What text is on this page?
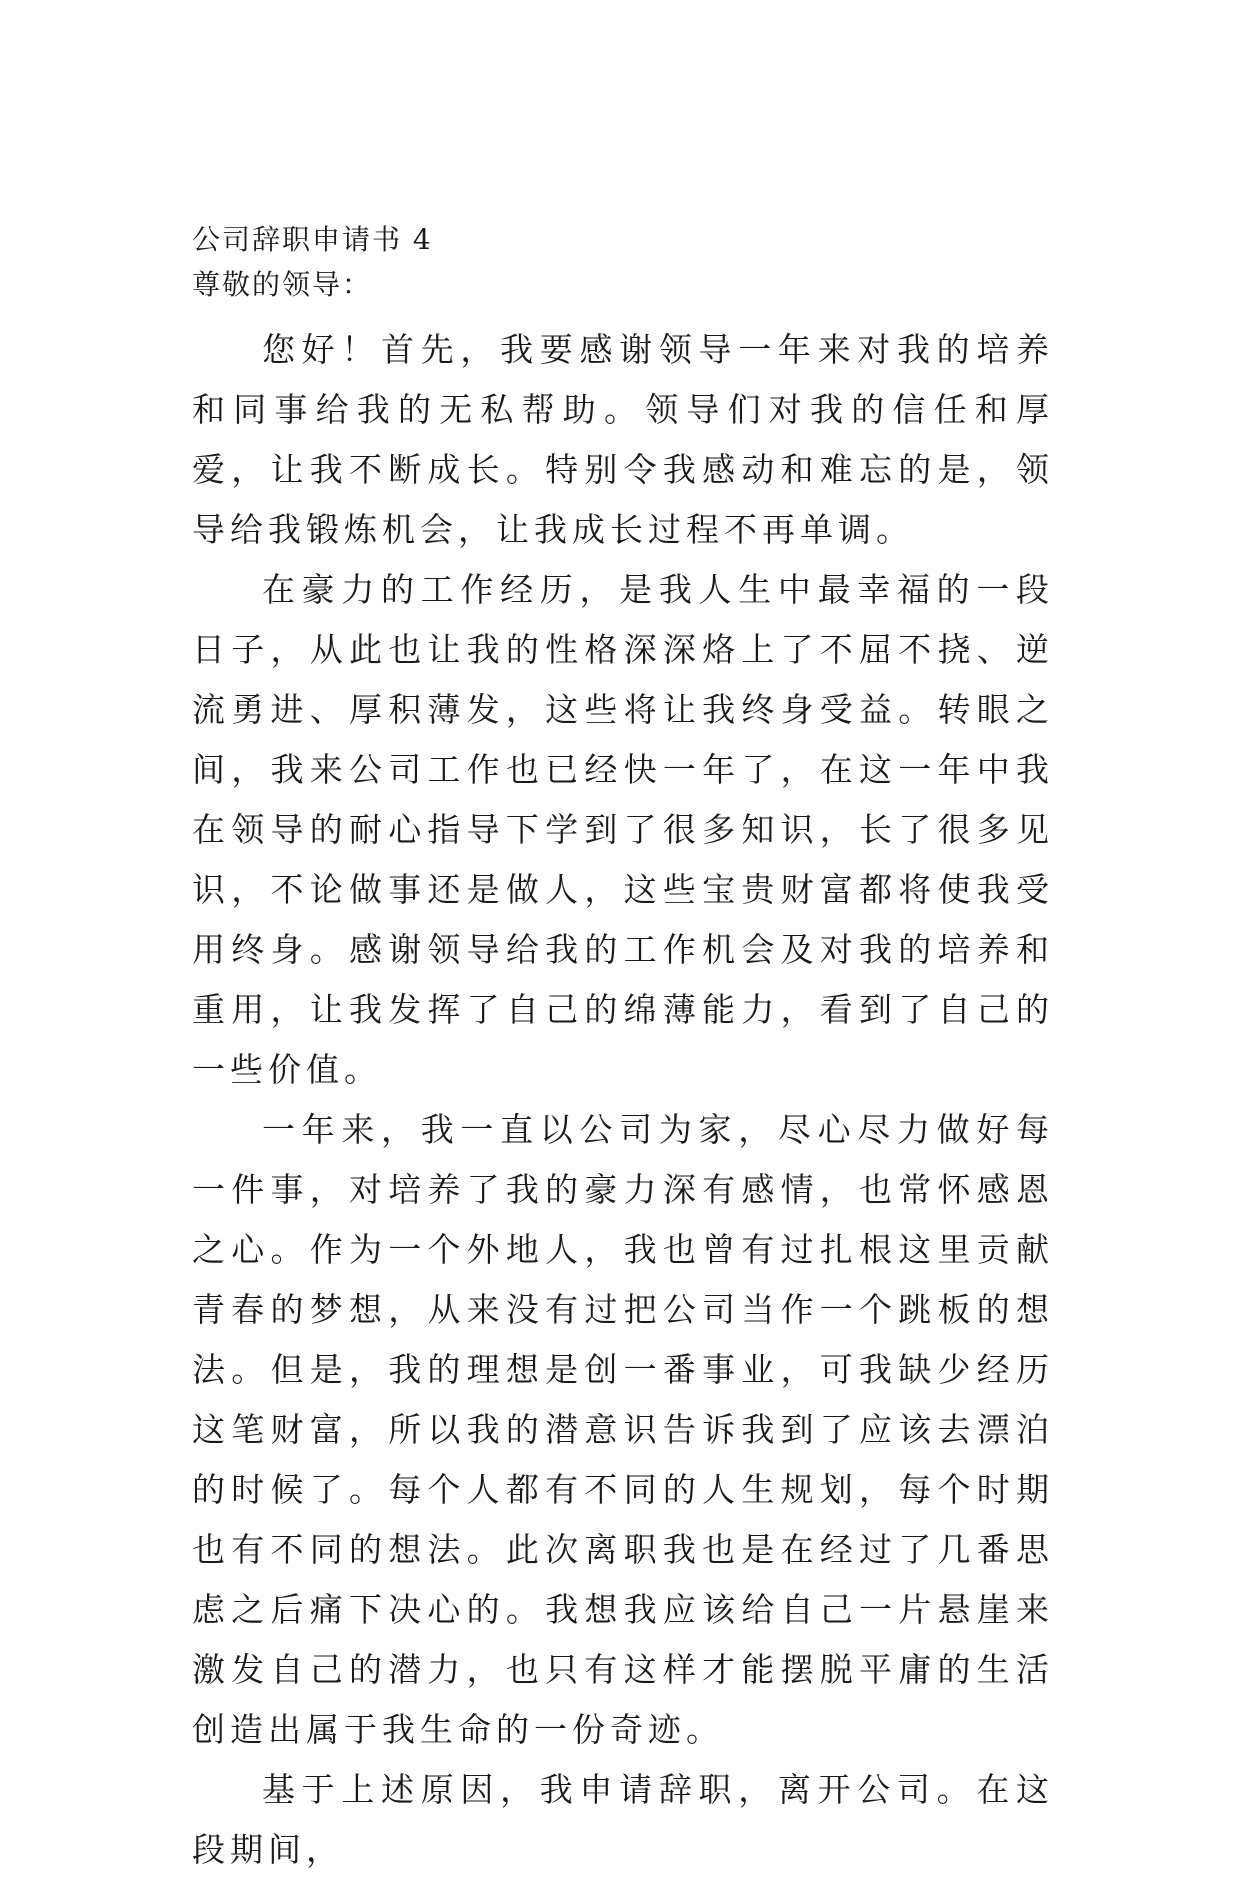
公司辞职申请书 4
尊敬的领导：

您好！首先，我要感谢领导一年来对我的培养和同事给我的无私帮助。领导们对我的信任和厚爱，让我不断成长。特别令我感动和难忘的是，领导给我锻炼机会，让我成长过程不再单调。

在豪力的工作经历，是我人生中最幸福的一段日子，从此也让我的性格深深烙上了不屈不挠、逆流勇进、厚积薄发，这些将让我终身受益。转眼之间，我来公司工作也已经快一年了，在这一年中我在领导的耐心指导下学到了很多知识，长了很多见识，不论做事还是做人，这些宝贵财富都将使我受用终身。感谢领导给我的工作机会及对我的培养和重用，让我发挥了自己的绵薄能力，看到了自己的一些价值。

一年来，我一直以公司为家，尽心尽力做好每一件事，对培养了我的豪力深有感情，也常怀感恩之心。作为一个外地人，我也曾有过扎根这里贡献青春的梦想，从来没有过把公司当作一个跳板的想法。但是，我的理想是创一番事业，可我缺少经历这笔财富，所以我的潜意识告诉我到了应该去漂泊的时候了。每个人都有不同的人生规划，每个时期也有不同的想法。此次离职我也是在经过了几番思虑之后痛下决心的。我想我应该给自己一片悬崖来激发自己的潜力，也只有这样才能摆脱平庸的生活创造出属于我生命的一份奇迹。

基于上述原因，我申请辞职，离开公司。在这段期间，
